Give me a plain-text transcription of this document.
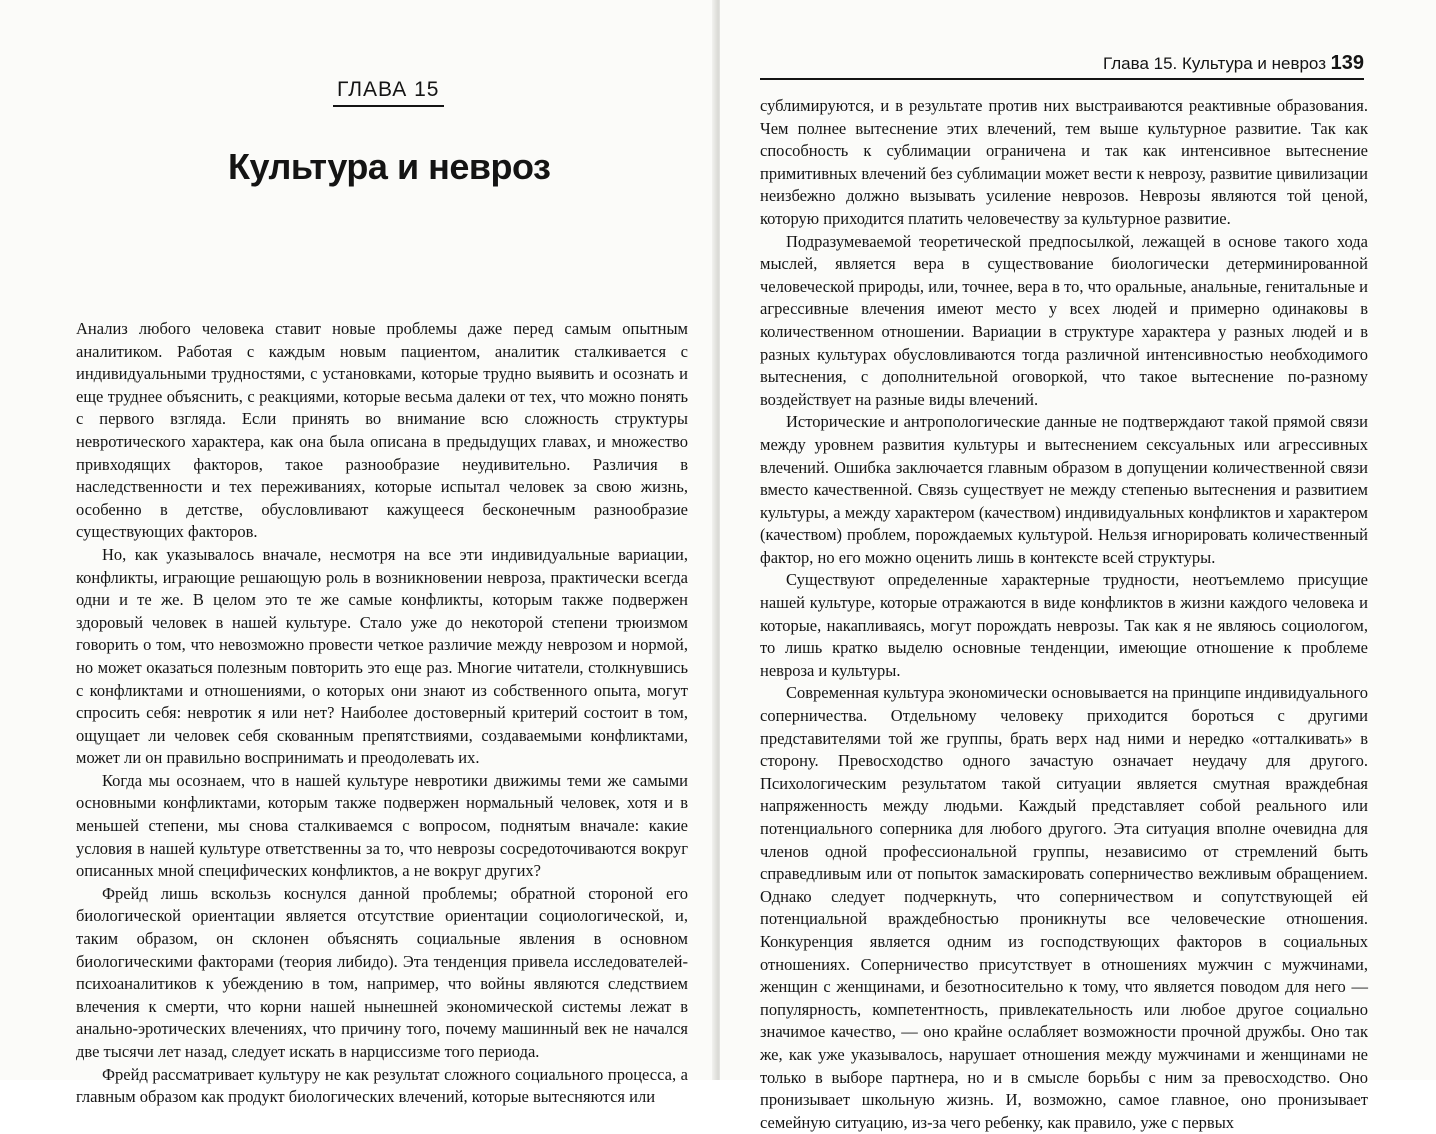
ГЛАВА 15
Культура и невроз

Анализ любого человека ставит новые проблемы даже перед самым опытным аналитиком. Работая с каждым новым пациентом, аналитик сталкивается с индивидуальными трудностями, с установками, которые трудно выявить и осознать и еще труднее объяснить, с реакциями, которые весьма далеки от тех, что можно понять с первого взгляда. Если принять во внимание всю сложность структуры невротического характера, как она была описана в предыдущих главах, и множество привходящих факторов, такое разнообразие неудивительно. Различия в наследственности и тех переживаниях, которые испытал человек за свою жизнь, особенно в детстве, обусловливают кажущееся бесконечным разнообразие существующих факторов.

Но, как указывалось вначале, несмотря на все эти индивидуальные вариации, конфликты, играющие решающую роль в возникновении невроза, практически всегда одни и те же. В целом это те же самые конфликты, которым также подвержен здоровый человек в нашей культуре. Стало уже до некоторой степени трюизмом говорить о том, что невозможно провести четкое различие между неврозом и нормой, но может оказаться полезным повторить это еще раз. Многие читатели, столкнувшись с конфликтами и отношениями, о которых они знают из собственного опыта, могут спросить себя: невротик я или нет? Наиболее достоверный критерий состоит в том, ощущает ли человек себя скованным препятствиями, создаваемыми конфликтами, может ли он правильно воспринимать и преодолевать их.

Когда мы осознаем, что в нашей культуре невротики движимы теми же самыми основными конфликтами, которым также подвержен нормальный человек, хотя и в меньшей степени, мы снова сталкиваемся с вопросом, поднятым вначале: какие условия в нашей культуре ответственны за то, что неврозы сосредоточиваются вокруг описанных мной специфических конфликтов, а не вокруг других?

Фрейд лишь вскользь коснулся данной проблемы; обратной стороной его биологической ориентации является отсутствие ориентации социологической, и, таким образом, он склонен объяснять социальные явления в основном биологическими факторами (теория либидо). Эта тенденция привела исследователей-психоаналитиков к убеждению в том, например, что войны являются следствием влечения к смерти, что корни нашей нынешней экономической системы лежат в анально-эротических влечениях, что причину того, почему машинный век не начался две тысячи лет назад, следует искать в нарциссизме того периода.

Фрейд рассматривает культуру не как результат сложного социального процесса, а главным образом как продукт биологических влечений, которые вытесняются или

Глава 15. Культура и невроз 139

сублимируются, и в результате против них выстраиваются реактивные образования. Чем полнее вытеснение этих влечений, тем выше культурное развитие. Так как способность к сублимации ограничена и так как интенсивное вытеснение примитивных влечений без сублимации может вести к неврозу, развитие цивилизации неизбежно должно вызывать усиление неврозов. Неврозы являются той ценой, которую приходится платить человечеству за культурное развитие.

Подразумеваемой теоретической предпосылкой, лежащей в основе такого хода мыслей, является вера в существование биологически детерминированной человеческой природы, или, точнее, вера в то, что оральные, анальные, генитальные и агрессивные влечения имеют место у всех людей и примерно одинаковы в количественном отношении. Вариации в структуре характера у разных людей и в разных культурах обусловливаются тогда различной интенсивностью необходимого вытеснения, с дополнительной оговоркой, что такое вытеснение по-разному воздействует на разные виды влечений.

Исторические и антропологические данные не подтверждают такой прямой связи между уровнем развития культуры и вытеснением сексуальных или агрессивных влечений. Ошибка заключается главным образом в допущении количественной связи вместо качественной. Связь существует не между степенью вытеснения и развитием культуры, а между характером (качеством) индивидуальных конфликтов и характером (качеством) проблем, порождаемых культурой. Нельзя игнорировать количественный фактор, но его можно оценить лишь в контексте всей структуры.

Существуют определенные характерные трудности, неотъемлемо присущие нашей культуре, которые отражаются в виде конфликтов в жизни каждого человека и которые, накапливаясь, могут порождать неврозы. Так как я не являюсь социологом, то лишь кратко выделю основные тенденции, имеющие отношение к проблеме невроза и культуры.

Современная культура экономически основывается на принципе индивидуального соперничества. Отдельному человеку приходится бороться с другими представителями той же группы, брать верх над ними и нередко «отталкивать» в сторону. Превосходство одного зачастую означает неудачу для другого. Психологическим результатом такой ситуации является смутная враждебная напряженность между людьми. Каждый представляет собой реального или потенциального соперника для любого другого. Эта ситуация вполне очевидна для членов одной профессиональной группы, независимо от стремлений быть справедливым или от попыток замаскировать соперничество вежливым обращением. Однако следует подчеркнуть, что соперничеством и сопутствующей ей потенциальной враждебностью проникнуты все человеческие отношения. Конкуренция является одним из господствующих факторов в социальных отношениях. Соперничество присутствует в отношениях мужчин с мужчинами, женщин с женщинами, и безотносительно к тому, что является поводом для него — популярность, компетентность, привлекательность или любое другое социально значимое качество, — оно крайне ослабляет возможности прочной дружбы. Оно так же, как уже указывалось, нарушает отношения между мужчинами и женщинами не только в выборе партнера, но и в смысле борьбы с ним за превосходство. Оно пронизывает школьную жизнь. И, возможно, самое главное, оно пронизывает семейную ситуацию, из-за чего ребенку, как правило, уже с первых
